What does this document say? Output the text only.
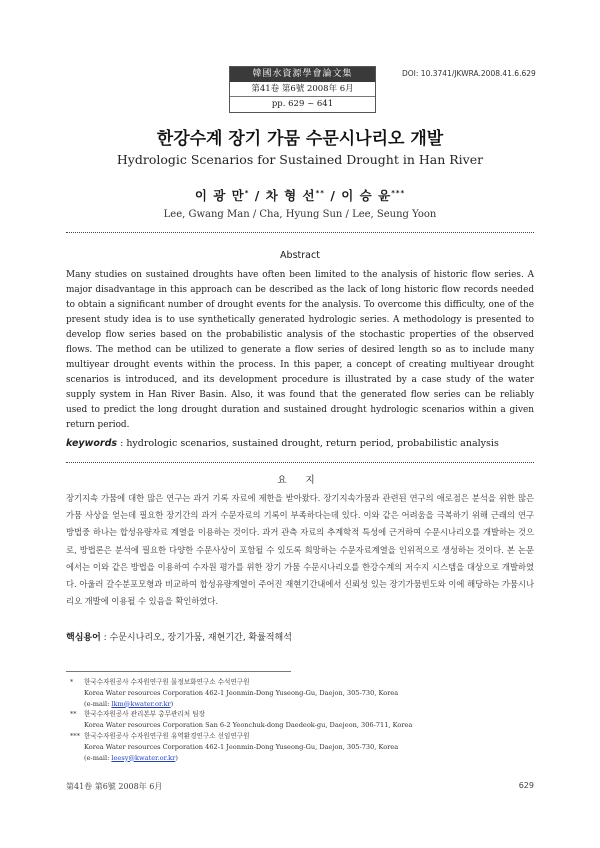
韓國水資源學會論文集
第41卷 第6號 2008年 6月
pp. 629 ~ 641
DOI: 10.3741/JKWRA.2008.41.6.629
한강수계 장기 가뭄 수문시나리오 개발
Hydrologic Scenarios for Sustained Drought in Han River
이 광 만* / 차 형 선** / 이 승 윤***
Lee, Gwang Man / Cha, Hyung Sun / Lee, Seung Yoon
Abstract

Many studies on sustained droughts have often been limited to the analysis of historic flow series. A major disadvantage in this approach can be described as the lack of long historic flow records needed to obtain a significant number of drought events for the analysis. To overcome this difficulty, one of the present study idea is to use synthetically generated hydrologic series. A methodology is presented to develop flow series based on the probabilistic analysis of the stochastic properties of the observed flows. The method can be utilized to generate a flow series of desired length so as to include many multiyear drought events within the process. In this paper, a concept of creating multiyear drought scenarios is introduced, and its development procedure is illustrated by a case study of the water supply system in Han River Basin. Also, it was found that the generated flow series can be reliably used to predict the long drought duration and sustained drought hydrologic scenarios within a given return period.

keywords : hydrologic scenarios, sustained drought, return period, probabilistic analysis
요 지

장기지속 가뭄에 대한 많은 연구는 과거 기록 자료에 제한을 받아왔다. 장기지속가뭄과 관련된 연구의 애로점은 분석을 위한 많은 가뭄 사상을 얻는데 필요한 장기간의 과거 수문자료의 기록이 부족하다는데 있다. 이와 같은 어려움을 극복하기 위해 근래의 연구방법중 하나는 합성유량자료 계열을 이용하는 것이다. 과거 관측 자료의 추계학적 특성에 근거하여 수문시나리오를 개발하는 것으로, 방법론은 분석에 필요한 다양한 수문사상이 포함될 수 있도록 희망하는 수문자료계열을 인위적으로 생성하는 것이다. 본 논문에서는 이와 같은 방법을 이용하여 수자원 평가를 위한 장기 가뭄 수문시나리오를 한강수계의 저수지 시스템을 대상으로 개발하였다. 아울러 갈수분포모형과 비교하여 합성유량계열이 주어진 재현기간내에서 신뢰성 있는 장기가뭄빈도와 이에 해당하는 가뭄시나리오 개발에 이용될 수 있음을 확인하였다.

핵심용어 : 수문시나리오, 장기가뭄, 재현기간, 확률적해석
* 한국수자원공사 수자원연구원 물정보화연구소 수석연구원
Korea Water resources Corporation 462-1 Jeonmin-Dong Yuseong-Gu, Daejon, 305-730, Korea
(e-mail: lkm@kwater.or.kr)
** 한국수자원공사 관리본부 총무관리처 팀장
Korea Water resources Corporation San 6-2 Yeonchuk-dong Daedeok-gu, Daejeon, 306-711, Korea
*** 한국수자원공사 수자원연구원 유역환경연구소 선임연구원
Korea Water resources Corporation 462-1 Jeonmin-Dong Yuseong-Gu, Daejon, 305-730, Korea
(e-mail: leesy@kwater.or.kr)
第41卷 第6號 2008年 6月	629
